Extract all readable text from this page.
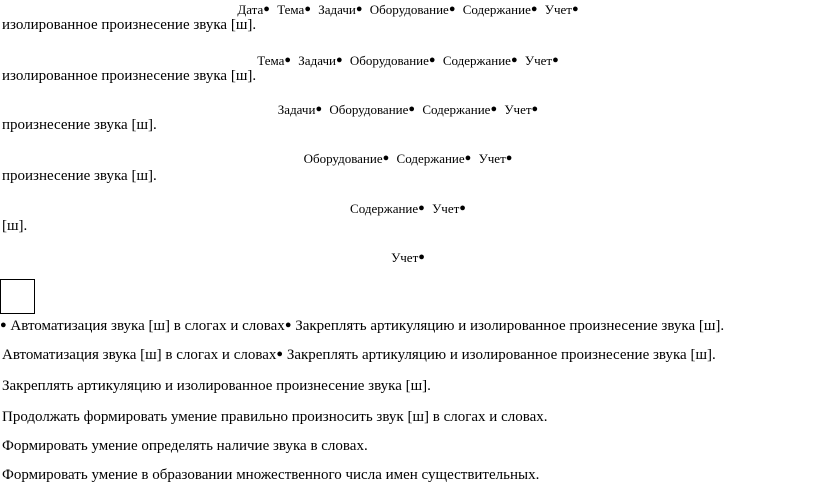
Дата● Тема● Задачи● Оборудование● Содержание● Учет●
изолированное произнесение звука [ш].
Тема● Задачи● Оборудование● Содержание● Учет●
изолированное произнесение звука [ш].
Задачи● Оборудование● Содержание● Учет●
произнесение звука [ш].
Оборудование● Содержание● Учет●
произнесение звука [ш].
Содержание● Учет●
[ш].
Учет●
● Автоматизация звука [ш] в слогах и словах● Закреплять артикуляцию и изолированное произнесение звука [ш].
Автоматизация звука [ш] в слогах и словах● Закреплять артикуляцию и изолированное произнесение звука [ш].
Закреплять артикуляцию и изолированное произнесение звука [ш].
Продолжать формировать умение правильно произносить звук [ш] в слогах и словах.
Формировать умение определять наличие звука в словах.
Формировать умение в образовании множественного числа имен существительных.
